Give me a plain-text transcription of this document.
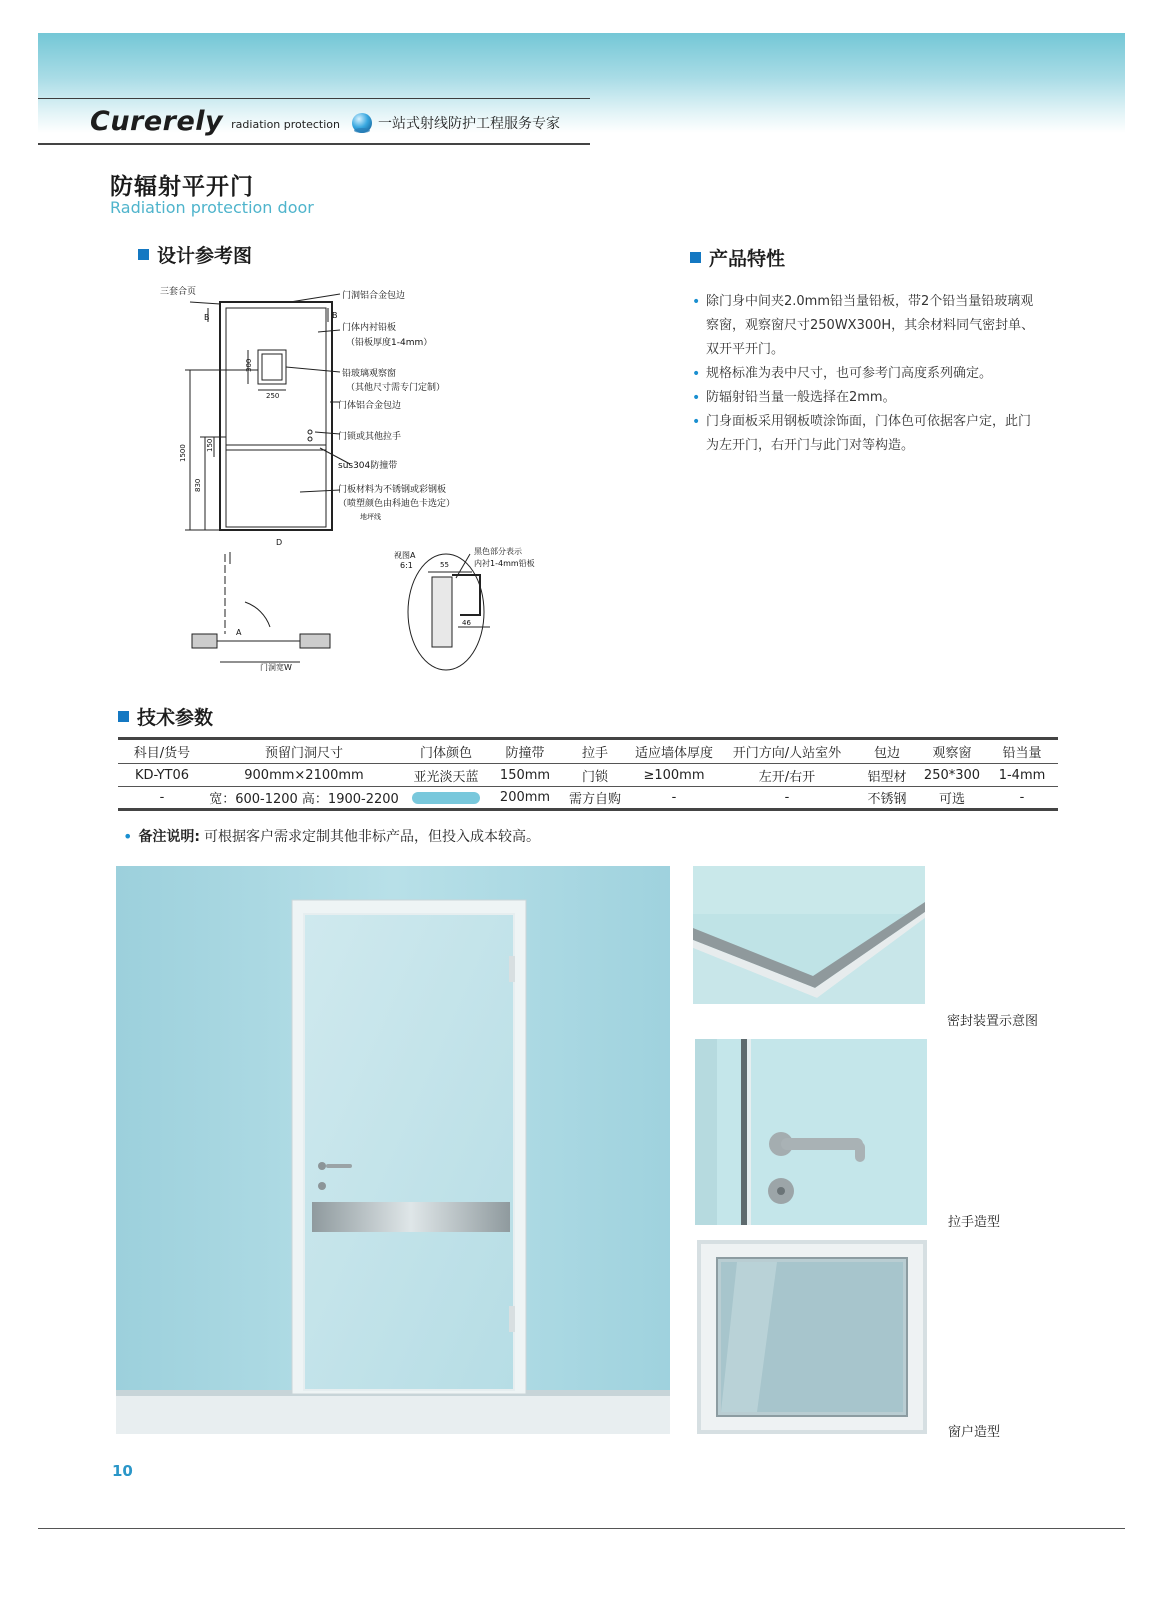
Curerely radiation protection	一站式射线防护工程服务专家
防辐射平开门
Radiation protection door
设计参考图	产品特性
技术参数
三套合页	门洞铝合金包边
B	B
门体内衬铅板
（铅板厚度1-4mm）
铅玻璃观察窗
（其他尺寸需专门定制）
门体铝合金包边
门锁或其他拉手
sus304防撞带
门板材料为不锈钢或彩钢板
（喷塑颜色由科迪色卡选定）
地坪线
D
A
门洞宽W
视图A
6:1
黑色部分表示
内衬1-4mm铅板
300
250
1500
830
150
55
46
• 除门身中间夹2.0mm铅当量铅板，带2个铅当量铅玻璃观察窗，观察窗尺寸250WX300H，其余材料同气密封单、双开平开门。
• 规格标准为表中尺寸，也可参考门高度系列确定。
• 防辐射铅当量一般选择在2mm。
• 门身面板采用钢板喷涂饰面，门体色可依据客户定，此门为左开门，右开门与此门对等构造。
科目/货号	预留门洞尺寸	门体颜色	防撞带	拉手	适应墙体厚度	开门方向/人站室外	包边	观察窗	铅当量
KD-YT06	900mm×2100mm	亚光淡天蓝	150mm	门锁	≥100mm	左开/右开	铝型材	250*300	1-4mm
-	宽：600-1200 高：1900-2200		200mm	需方自购	-	-	不锈钢	可选	-
• 备注说明: 可根据客户需求定制其他非标产品，但投入成本较高。
密封装置示意图
拉手造型
窗户造型
10
